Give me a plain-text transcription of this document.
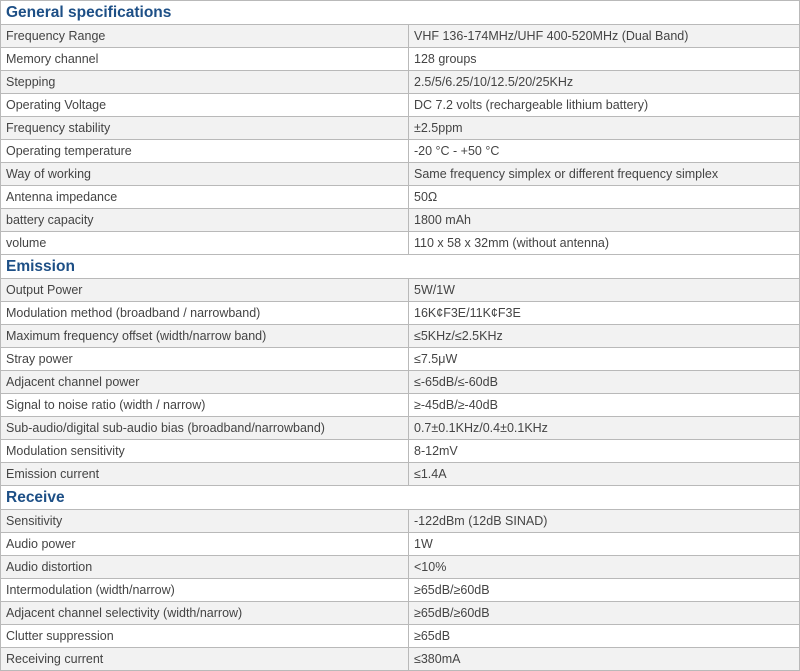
General specifications	
Frequency Range	VHF 136-174MHz/UHF 400-520MHz (Dual Band)
Memory channel	128 groups
Stepping	2.5/5/6.25/10/12.5/20/25KHz
Operating Voltage	DC 7.2 volts (rechargeable lithium battery)
Frequency stability	±2.5ppm
Operating temperature	-20 °C - +50 °C
Way of working	Same frequency simplex or different frequency simplex
Antenna impedance	50Ω
battery capacity	1800 mAh
volume	110 x 58 x 32mm (without antenna)
Emission	
Output Power	5W/1W
Modulation method (broadband / narrowband)	16K¢F3E/11K¢F3E
Maximum frequency offset (width/narrow band)	≤5KHz/≤2.5KHz
Stray power	≤7.5μW
Adjacent channel power	≤-65dB/≤-60dB
Signal to noise ratio (width / narrow)	≥-45dB/≥-40dB
Sub-audio/digital sub-audio bias (broadband/narrowband)	0.7±0.1KHz/0.4±0.1KHz
Modulation sensitivity	8-12mV
Emission current	≤1.4A
Receive	
Sensitivity	-122dBm (12dB SINAD)
Audio power	1W
Audio distortion	<10%
Intermodulation (width/narrow)	≥65dB/≥60dB
Adjacent channel selectivity (width/narrow)	≥65dB/≥60dB
Clutter suppression	≥65dB
Receiving current	≤380mA
